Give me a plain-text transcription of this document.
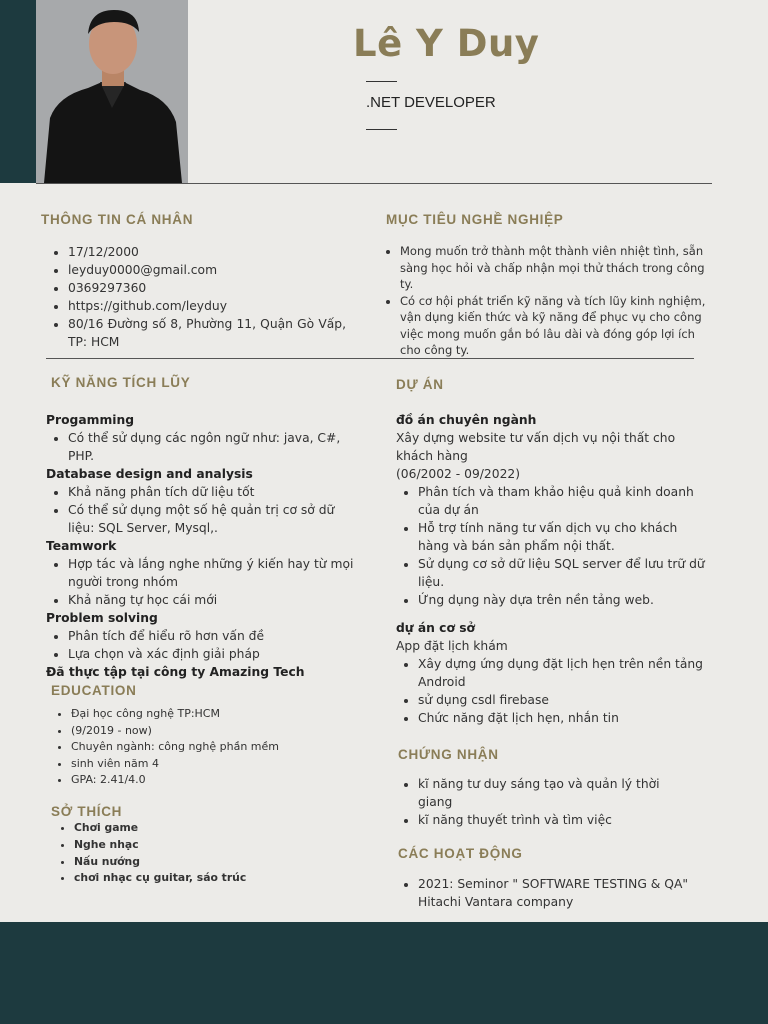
Lê Y Duy
.NET DEVELOPER
THÔNG TIN CÁ NHÂN
• 17/12/2000
• leyduy0000@gmail.com
• 0369297360
• https://github.com/leyduy
• 80/16 Đường số 8, Phường 11, Quận Gò Vấp, TP: HCM
MỤC TIÊU NGHỀ NGHIỆP
• Mong muốn trở thành một thành viên nhiệt tình, sẵn sàng học hỏi và chấp nhận mọi thử thách trong công ty.
• Có cơ hội phát triển kỹ năng và tích lũy kinh nghiệm, vận dụng kiến thức và kỹ năng để phục vụ cho công việc mong muốn gắn bó lâu dài và đóng góp lợi ích cho công ty.
KỸ NĂNG TÍCH LŨY
Progamming
• Có thể sử dụng các ngôn ngữ như: java, C#, PHP.
Database design and analysis
• Khả năng phân tích dữ liệu tốt
• Có thể sử dụng một số hệ quản trị cơ sở dữ liệu: SQL Server, Mysql,.
Teamwork
• Hợp tác và lắng nghe những ý kiến hay từ mọi người trong nhóm
• Khả năng tự học cái mới
Problem solving
• Phân tích để hiểu rõ hơn vấn đề
• Lựa chọn và xác định giải pháp
Đã thực tập tại công ty Amazing Tech
EDUCATION
• Đại học công nghệ TP:HCM
• (9/2019 - now)
• Chuyên ngành: công nghệ phần mềm
• sinh viên năm 4
• GPA: 2.41/4.0
SỞ THÍCH
• Chơi game
• Nghe nhạc
• Nấu nướng
• chơi nhạc cụ guitar, sáo trúc
DỰ ÁN
đồ án chuyên ngành
Xây dựng website tư vấn dịch vụ nội thất cho khách hàng
(06/2002 - 09/2022)
• Phân tích và tham khảo hiệu quả kinh doanh của dự án
• Hỗ trợ tính năng tư vấn dịch vụ cho khách hàng và bán sản phẩm nội thất.
• Sử dụng cơ sở dữ liệu SQL server để lưu trữ dữ liệu.
• Ứng dụng này dựa trên nền tảng web.
dự án cơ sở
App đặt lịch khám
• Xây dựng ứng dụng đặt lịch hẹn trên nền tảng Android
• sử dụng csdl firebase
• Chức năng đặt lịch hẹn, nhắn tin
CHỨNG NHẬN
• kĩ năng tư duy sáng tạo và quản lý thời giang
• kĩ năng thuyết trình và tìm việc
CÁC HOẠT ĐỘNG
• 2021: Seminor " SOFTWARE TESTING & QA" Hitachi Vantara company
